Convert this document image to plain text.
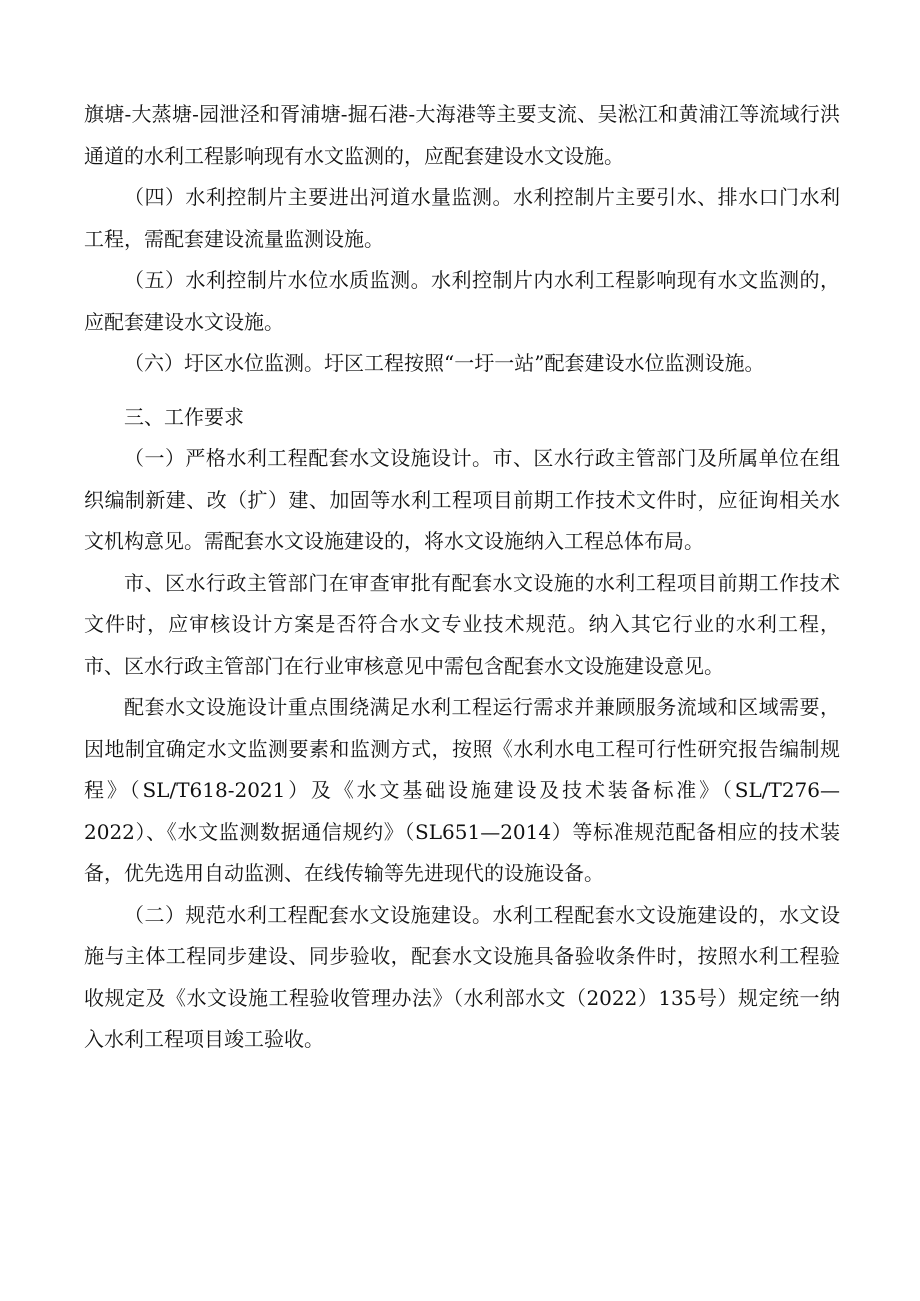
旗塘-大蒸塘-园泄泾和胥浦塘-掘石港-大海港等主要支流、吴淞江和黄浦江等流域行洪通道的水利工程影响现有水文监测的，应配套建设水文设施。

（四）水利控制片主要进出河道水量监测。水利控制片主要引水、排水口门水利工程，需配套建设流量监测设施。

（五）水利控制片水位水质监测。水利控制片内水利工程影响现有水文监测的，应配套建设水文设施。

（六）圩区水位监测。圩区工程按照“一圩一站”配套建设水位监测设施。

三、工作要求

（一）严格水利工程配套水文设施设计。市、区水行政主管部门及所属单位在组织编制新建、改（扩）建、加固等水利工程项目前期工作技术文件时，应征询相关水文机构意见。需配套水文设施建设的，将水文设施纳入工程总体布局。

市、区水行政主管部门在审查审批有配套水文设施的水利工程项目前期工作技术文件时，应审核设计方案是否符合水文专业技术规范。纳入其它行业的水利工程，市、区水行政主管部门在行业审核意见中需包含配套水文设施建设意见。

配套水文设施设计重点围绕满足水利工程运行需求并兼顾服务流域和区域需要，因地制宜确定水文监测要素和监测方式，按照《水利水电工程可行性研究报告编制规程》（SL/T618-2021）及《水文基础设施建设及技术装备标准》（SL/T276—2022）、《水文监测数据通信规约》（SL651—2014）等标准规范配备相应的技术装备，优先选用自动监测、在线传输等先进现代的设施设备。

（二）规范水利工程配套水文设施建设。水利工程配套水文设施建设的，水文设施与主体工程同步建设、同步验收，配套水文设施具备验收条件时，按照水利工程验收规定及《水文设施工程验收管理办法》（水利部水文（2022）135号）规定统一纳入水利工程项目竣工验收。
